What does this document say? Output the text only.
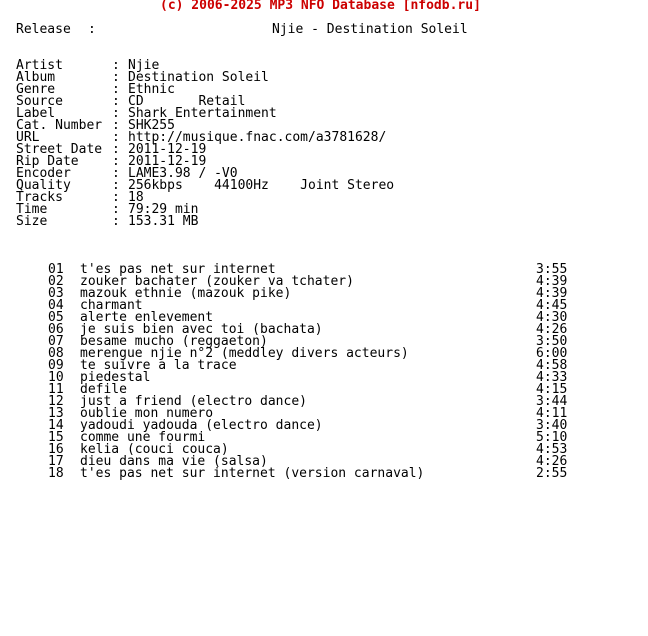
(c) 2006-2025 MP3 NFO Database [nfodb.ru]
Release :	Njie - Destination Soleil
Artist	: Njie
Album	: Destination Soleil
Genre	: Ethnic
Source	: CD       Retail
Label	: Shark Entertainment
Cat. Number : SHK255
URL	: http://musique.fnac.com/a3781628/
Street Date : 2011-12-19
Rip Date	: 2011-12-19
Encoder	: LAME3.98 / -V0
Quality	: 256kbps    44100Hz    Joint Stereo
Tracks	: 18
Time	: 79:29 min
Size	: 153.31 MB
01 t'es pas net sur internet	3:55
02 zouker bachater (zouker va tchater)	4:39
03 mazouk ethnie (mazouk pike)	4:39
04 charmant	4:45
05 alerte enlevement	4:30
06 je suis bien avec toi (bachata)	4:26
07 besame mucho (reggaeton)	3:50
08 merengue njie n°2 (meddley divers acteurs)	6:00
09 te suivre a la trace	4:58
10 piedestal	4:33
11 defile	4:15
12 just a friend (electro dance)	3:44
13 oublie mon numero	4:11
14 yadoudi yadouda (electro dance)	3:40
15 comme une fourmi	5:10
16 kelia (couci couca)	4:53
17 dieu dans ma vie (salsa)	4:26
18 t'es pas net sur internet (version carnaval)	2:55
